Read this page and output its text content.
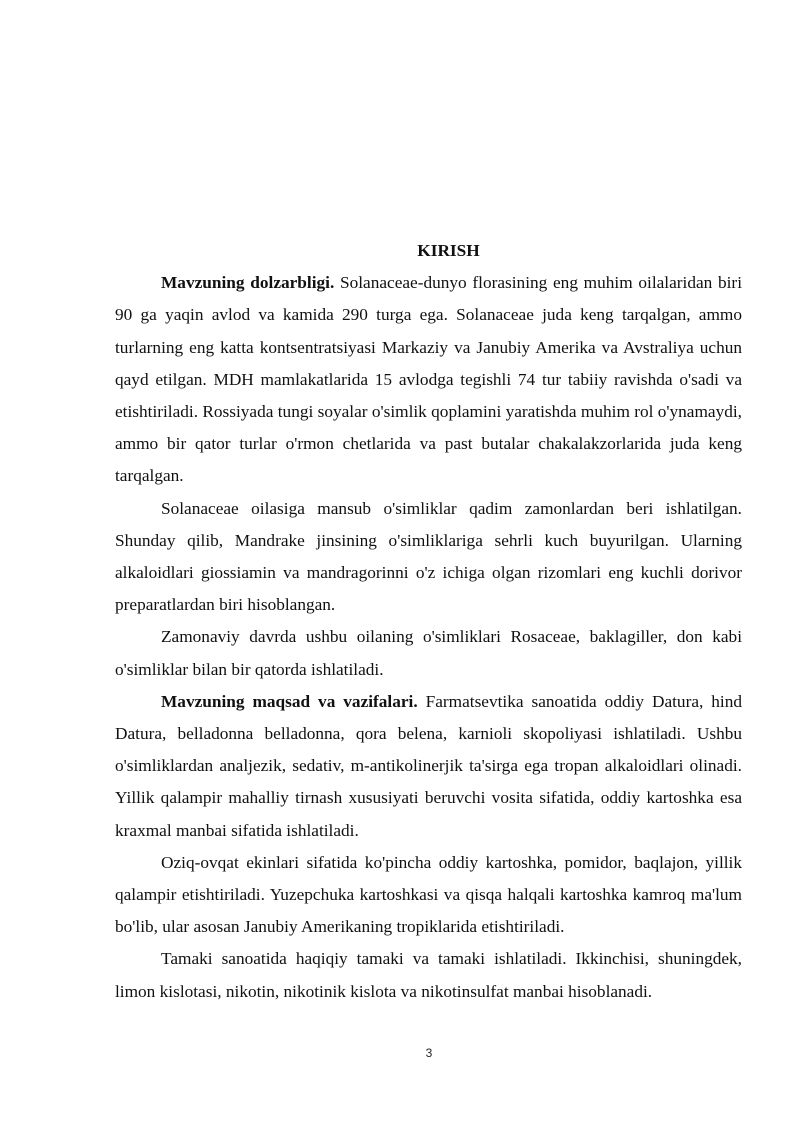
KIRISH

Mavzuning dolzarbligi. Solanaceae-dunyo florasining eng muhim oilalaridan biri 90 ga yaqin avlod va kamida 290 turga ega. Solanaceae juda keng tarqalgan, ammo turlarning eng katta kontsentratsiyasi Markaziy va Janubiy Amerika va Avstraliya uchun qayd etilgan. MDH mamlakatlarida 15 avlodga tegishli 74 tur tabiiy ravishda o'sadi va etishtiriladi. Rossiyada tungi soyalar o'simlik qoplamini yaratishda muhim rol o'ynamaydi, ammo bir qator turlar o'rmon chetlarida va past butalar chakalakzorlarida juda keng tarqalgan.

Solanaceae oilasiga mansub o'simliklar qadim zamonlardan beri ishlatilgan. Shunday qilib, Mandrake jinsining o'simliklariga sehrli kuch buyurilgan. Ularning alkaloidlari giossiamin va mandragorinni o'z ichiga olgan rizomlari eng kuchli dorivor preparatlardan biri hisoblangan.

Zamonaviy davrda ushbu oilaning o'simliklari Rosaceae, baklagiller, don kabi o'simliklar bilan bir qatorda ishlatiladi.

Mavzuning maqsad va vazifalari. Farmatsevtika sanoatida oddiy Datura, hind Datura, belladonna belladonna, qora belena, karnioli skopoliyasi ishlatiladi. Ushbu o'simliklardan analjezik, sedativ, m-antikolinerjik ta'sirga ega tropan alkaloidlari olinadi. Yillik qalampir mahalliy tirnash xususiyati beruvchi vosita sifatida, oddiy kartoshka esa kraxmal manbai sifatida ishlatiladi.

Oziq-ovqat ekinlari sifatida ko'pincha oddiy kartoshka, pomidor, baqlajon, yillik qalampir etishtiriladi. Yuzepchuka kartoshkasi va qisqa halqali kartoshka kamroq ma'lum bo'lib, ular asosan Janubiy Amerikaning tropiklarida etishtiriladi.

Tamaki sanoatida haqiqiy tamaki va tamaki ishlatiladi. Ikkinchisi, shuningdek, limon kislotasi, nikotin, nikotinik kislota va nikotinsulfat manbai hisoblanadi.

3
